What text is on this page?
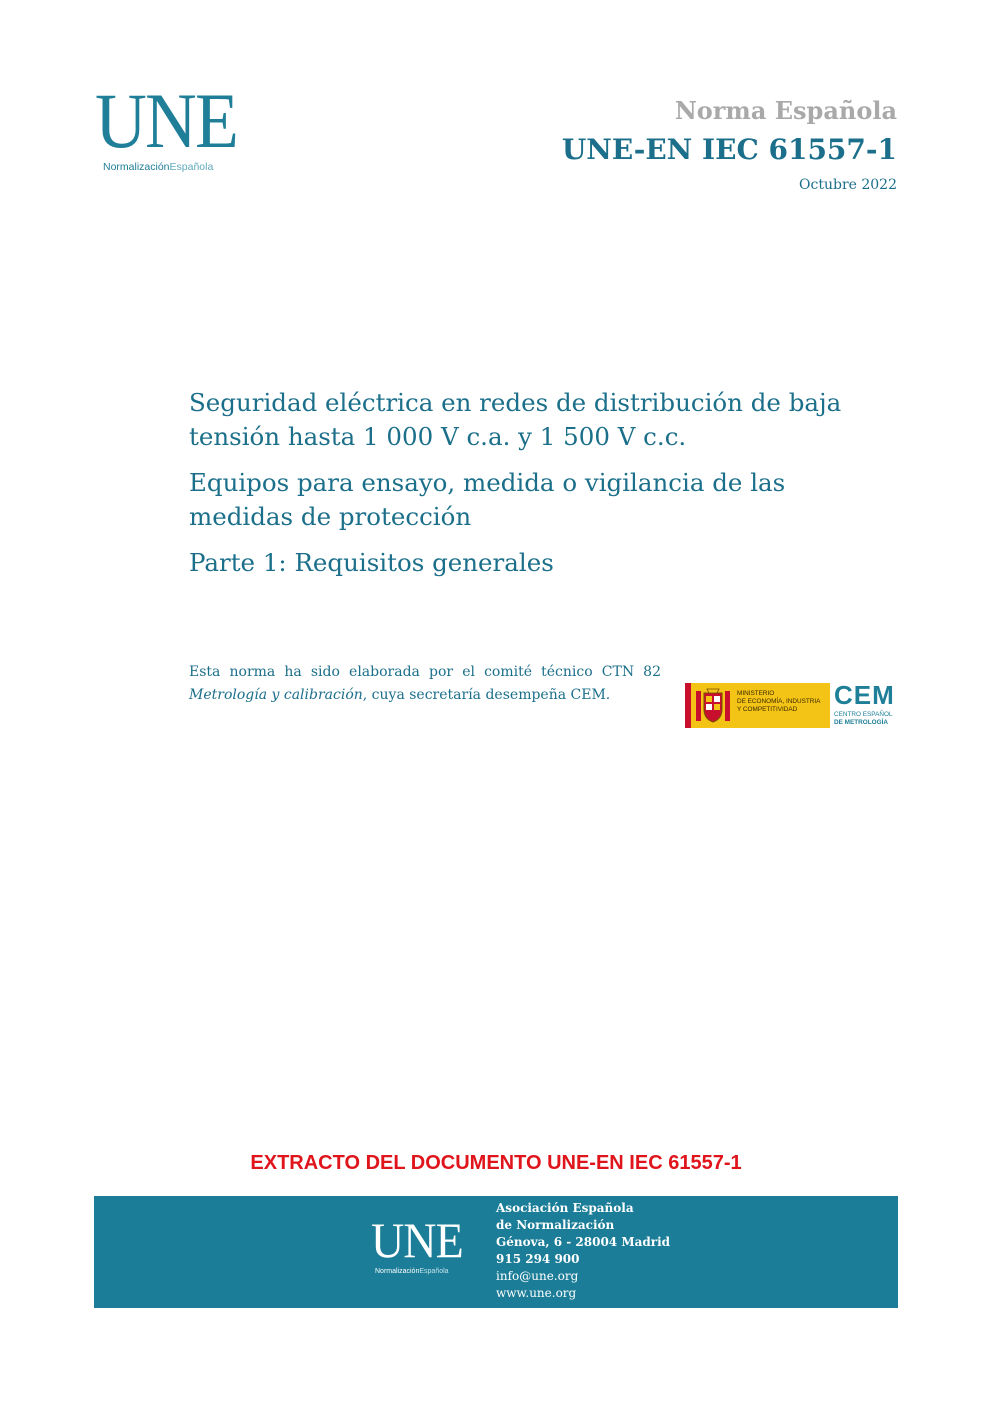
UNE
NormalizaciónEspañola
Norma Española
UNE-EN IEC 61557-1
Octubre 2022

Seguridad eléctrica en redes de distribución de baja tensión hasta 1 000 V c.a. y 1 500 V c.c.

Equipos para ensayo, medida o vigilancia de las medidas de protección

Parte 1: Requisitos generales

Esta norma ha sido elaborada por el comité técnico CTN 82 Metrología y calibración, cuya secretaría desempeña CEM.	MINISTERIO
DE ECONOMÍA, INDUSTRIA
Y COMPETITIVIDAD	CEM
CENTRO ESPAÑOL
DE METROLOGÍA
EXTRACTO DEL DOCUMENTO UNE-EN IEC 61557-1
UNE
NormalizaciónEspañola
Asociación Española
de Normalización
Génova, 6 - 28004 Madrid
915 294 900
info@une.org
www.une.org
